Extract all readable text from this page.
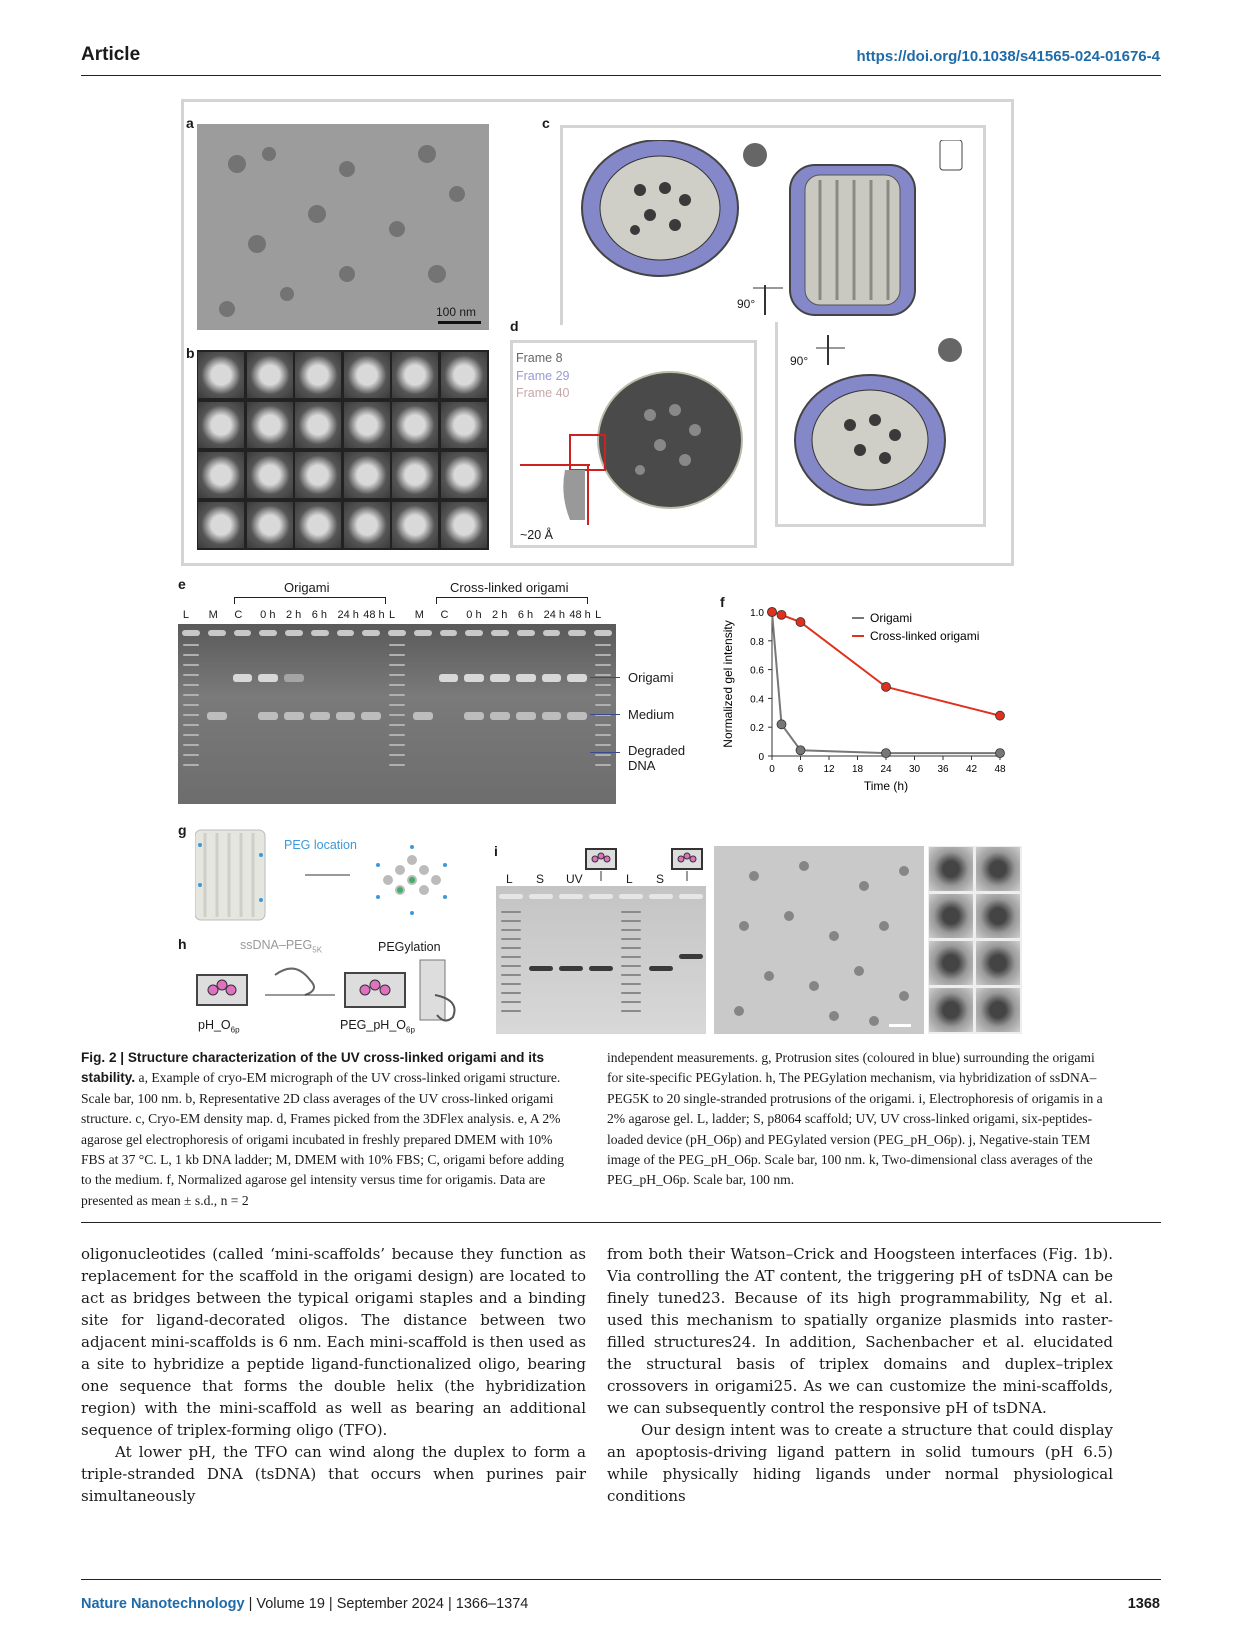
Article	https://doi.org/10.1038/s41565-024-01676-4
a
100 nm
b
c
90°
90°
d
Frame 8
Frame 29
Frame 40
~20 Å
e	Origami	Cross-linked origami
L M C 0 h 2 h 6 h 24 h 48 h L M C 0 h 2 h 6 h 24 h 48 h L
Origami
Medium
Degraded
DNA
f
0
0.2
0.4
0.6
0.8
1.0
0 6 12 18 24 30 36 42 48
Time (h)
Normalized gel intensity
Origami
Cross-linked origami
g
PEG location
h	ssDNA–$PEG_{5K}$	PEGylation
$pH\_O_{6p}$	$PEG\_pH\_O_{6p}$
i
L S UV	L S
Fig. 2 | Structure characterization of the UV cross-linked origami and its stability. a, Example of cryo-EM micrograph of the UV cross-linked origami structure. Scale bar, 100 nm. b, Representative 2D class averages of the UV cross-linked origami structure. c, Cryo-EM density map. d, Frames picked from the 3DFlex analysis. e, A 2% agarose gel electrophoresis of origami incubated in freshly prepared DMEM with 10% FBS at 37 °C. L, 1 kb DNA ladder; M, DMEM with 10% FBS; C, origami before adding to the medium. f, Normalized agarose gel intensity versus time for origamis. Data are presented as mean ± s.d., n = 2
independent measurements. g, Protrusion sites (coloured in blue) surrounding the origami for site-specific PEGylation. h, The PEGylation mechanism, via hybridization of ssDNA–PEG5K to 20 single-stranded protrusions of the origami. i, Electrophoresis of origamis in a 2% agarose gel. L, ladder; S, p8064 scaffold; UV, UV cross-linked origami, six-peptides-loaded device (pH_O6p) and PEGylated version (PEG_pH_O6p). j, Negative-stain TEM image of the PEG_pH_O6p. Scale bar, 100 nm. k, Two-dimensional class averages of the PEG_pH_O6p. Scale bar, 100 nm.

oligonucleotides (called ‘mini-scaffolds’ because they function as replacement for the scaffold in the origami design) are located to act as bridges between the typical origami staples and a binding site for ligand-decorated oligos. The distance between two adjacent mini-scaffolds is 6 nm. Each mini-scaffold is then used as a site to hybridize a peptide ligand-functionalized oligo, bearing one sequence that forms the double helix (the hybridization region) with the mini-scaffold as well as bearing an additional sequence of triplex-forming oligo (TFO).

At lower pH, the TFO can wind along the duplex to form a triple-stranded DNA (tsDNA) that occurs when purines pair simultaneously

from both their Watson–Crick and Hoogsteen interfaces (Fig. 1b). Via controlling the AT content, the triggering pH of tsDNA can be finely tuned23. Because of its high programmability, Ng et al. used this mechanism to spatially organize plasmids into raster-filled structures24. In addition, Sachenbacher et al. elucidated the structural basis of triplex domains and duplex–triplex crossovers in origami25. As we can customize the mini-scaffolds, we can subsequently control the responsive pH of tsDNA.

Our design intent was to create a structure that could display an apoptosis-driving ligand pattern in solid tumours (pH 6.5) while physically hiding ligands under normal physiological conditions

Nature Nanotechnology | Volume 19 | September 2024 | 1366–1374	1368
